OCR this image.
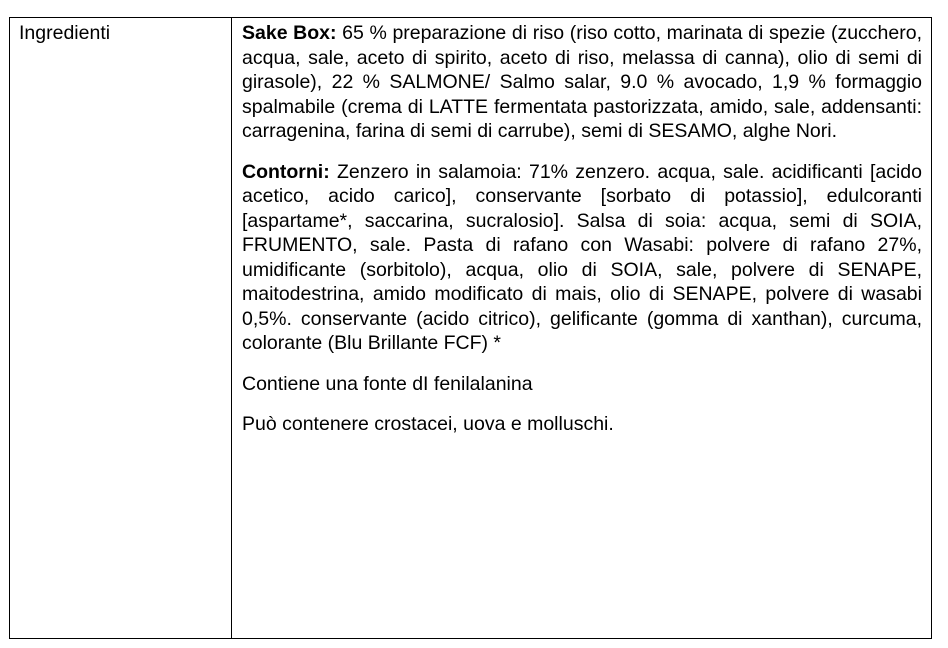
Ingredienti	Sake Box: 65 % preparazione di riso (riso cotto, marinata di spezie (zucchero, acqua, sale, aceto di spirito, aceto di riso, melassa di canna), olio di semi di girasole), 22 % SALMONE/ Salmo salar, 9.0 % avocado, 1,9 % formaggio spalmabile (crema di LATTE fermentata pastorizzata, amido, sale, addensanti: carragenina, farina di semi di carrube), semi di SESAMO, alghe Nori.

Contorni: Zenzero in salamoia: 71% zenzero. acqua, sale. acidificanti [acido acetico, acido carico], conservante [sorbato di potassio], edulcoranti [aspartame*, saccarina, sucralosio]. Salsa di soia: acqua, semi di SOIA, FRUMENTO, sale. Pasta di rafano con Wasabi: polvere di rafano 27%, umidificante (sorbitolo), acqua, olio di SOIA, sale, polvere di SENAPE, maitodestrina, amido modificato di mais, olio di SENAPE, polvere di wasabi 0,5%. conservante (acido citrico), gelificante (gomma di xanthan), curcuma, colorante (Blu Brillante FCF) *

Contiene una fonte dI fenilalanina

Può contenere crostacei, uova e molluschi.
